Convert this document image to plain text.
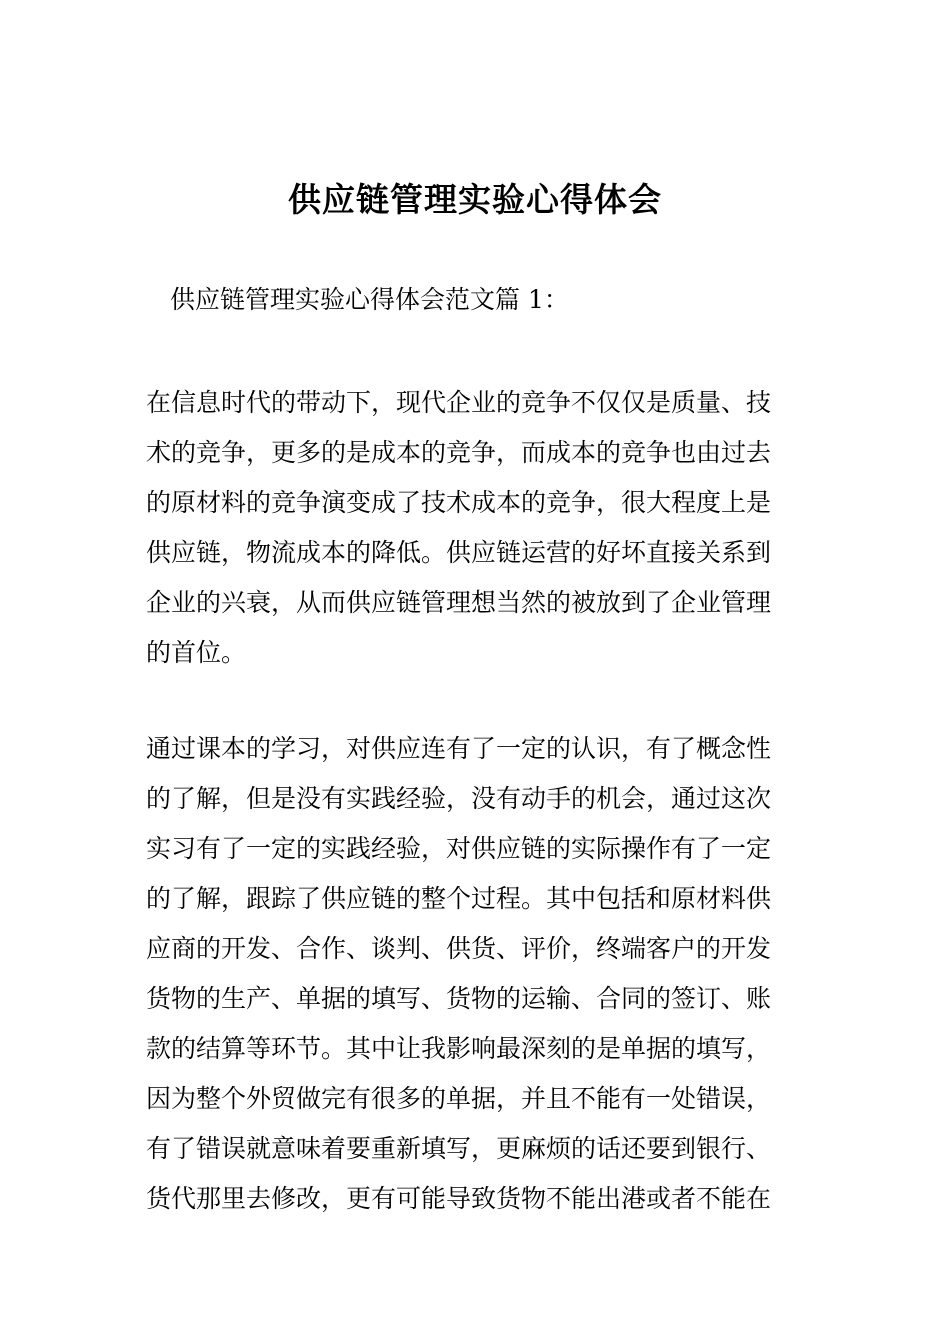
供应链管理实验心得体会

供应链管理实验心得体会范文篇 1：

在信息时代的带动下，现代企业的竞争不仅仅是质量、技
术的竞争，更多的是成本的竞争，而成本的竞争也由过去
的原材料的竞争演变成了技术成本的竞争，很大程度上是
供应链，物流成本的降低。供应链运营的好坏直接关系到
企业的兴衰，从而供应链管理想当然的被放到了企业管理
的首位。
通过课本的学习，对供应连有了一定的认识，有了概念性
的了解，但是没有实践经验，没有动手的机会，通过这次
实习有了一定的实践经验，对供应链的实际操作有了一定
的了解，跟踪了供应链的整个过程。其中包括和原材料供
应商的开发、合作、谈判、供货、评价，终端客户的开发
货物的生产、单据的填写、货物的运输、合同的签订、账
款的结算等环节。其中让我影响最深刻的是单据的填写，
因为整个外贸做完有很多的单据，并且不能有一处错误，
有了错误就意味着要重新填写，更麻烦的话还要到银行、
货代那里去修改，更有可能导致货物不能出港或者不能在
